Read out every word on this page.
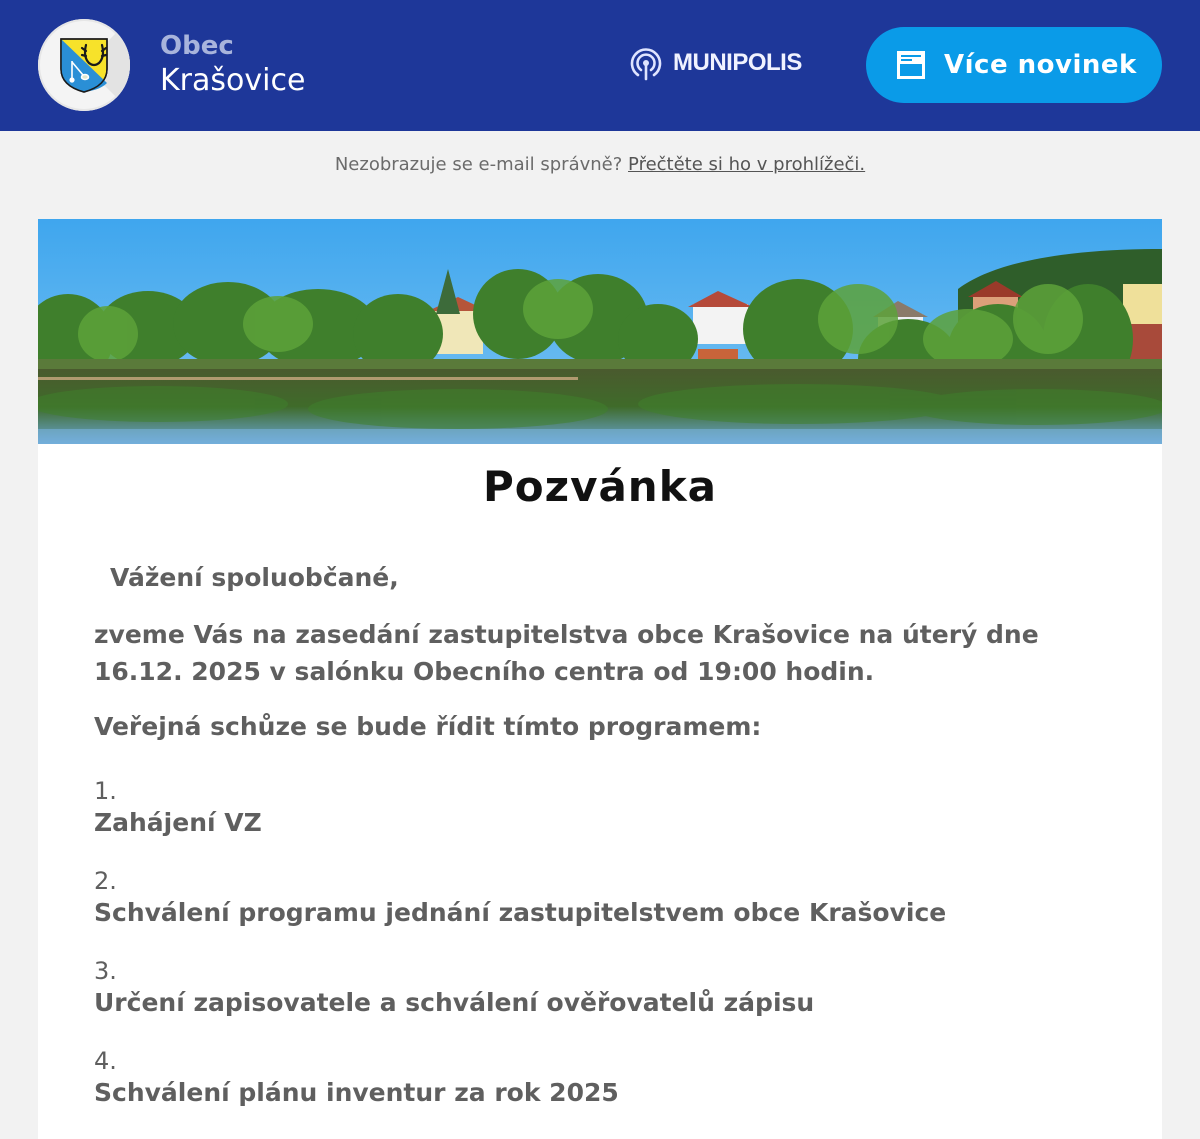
Obec
Krašovice
MUNIPOLIS	Více novinek
Nezobrazuje se e-mail správně? Přečtěte si ho v prohlížeči.
Pozvánka

Vážení spoluobčané,

zveme Vás na zasedání zastupitelstva obce Krašovice na úterý dne 16.12. 2025 v salónku Obecního centra od 19:00 hodin.

Veřejná schůze se bude řídit tímto programem:

1.
Zahájení VZ
2.
Schválení programu jednání zastupitelstvem obce Krašovice
3.
Určení zapisovatele a schválení ověřovatelů zápisu
4.
Schválení plánu inventur za rok 2025
